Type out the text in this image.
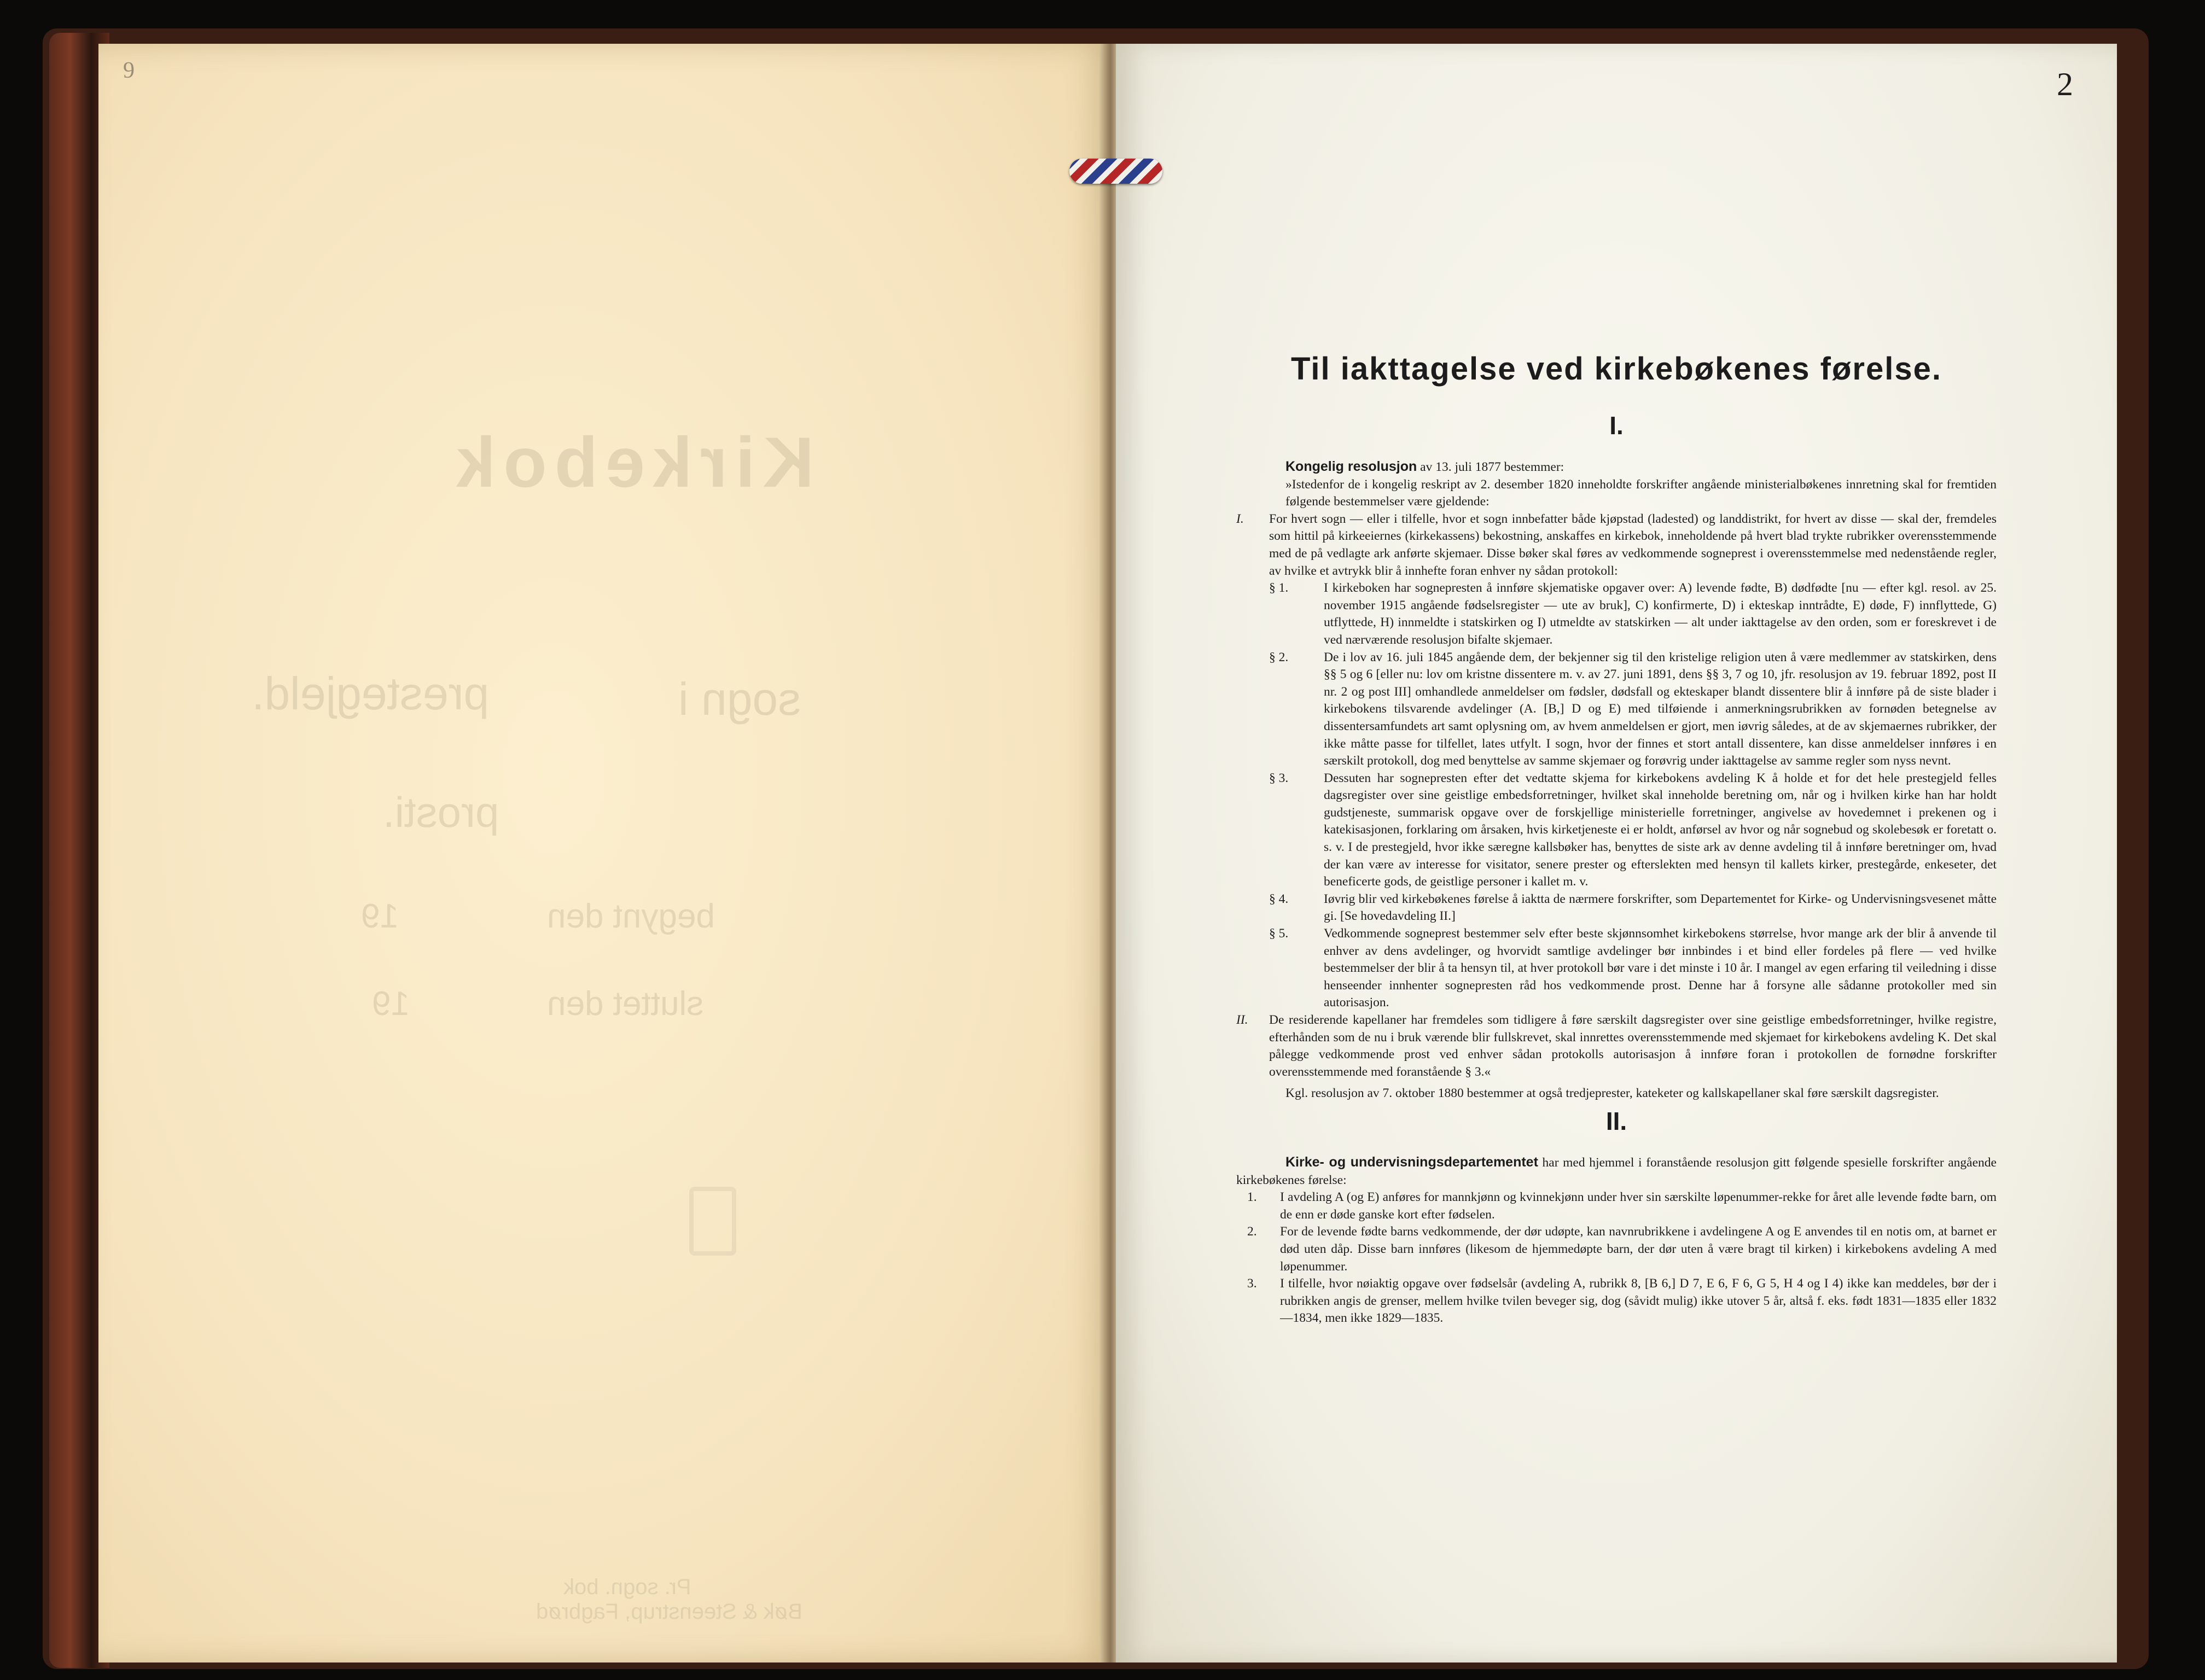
9
Kirkebok
sogn i
prestegjeld.
prosti.
begynt den
19
sluttet den
19
Pr. sogn. bok
Bøk & Steenstrup, Fagbrød
2
Til iakttagelse ved kirkebøkenes førelse.
I.

Kongelig resolusjon av 13. juli 1877 bestemmer:

»Istedenfor de i kongelig reskript av 2. desember 1820 inneholdte forskrifter angående ministerialbøkenes innretning skal for fremtiden følgende bestemmelser være gjeldende:

I. For hvert sogn — eller i tilfelle, hvor et sogn innbefatter både kjøpstad (ladested) og landdistrikt, for hvert av disse — skal der, fremdeles som hittil på kirkeeiernes (kirkekassens) bekostning, anskaffes en kirkebok, inneholdende på hvert blad trykte rubrikker overensstemmende med de på vedlagte ark anførte skjemaer. Disse bøker skal føres av vedkommende sogneprest i overensstemmelse med nedenstående regler, av hvilke et avtrykk blir å innhefte foran enhver ny sådan protokoll:

§ 1.	I kirkeboken har sognepresten å innføre skjematiske opgaver over: A) levende fødte, B) dødfødte [nu — efter kgl. resol. av 25. november 1915 angående fødselsregister — ute av bruk], C) konfirmerte, D) i ekteskap inntrådte, E) døde, F) innflyttede, G) utflyttede, H) innmeldte i statskirken og I) utmeldte av statskirken — alt under iakttagelse av den orden, som er foreskrevet i de ved nærværende resolusjon bifalte skjemaer.

§ 2.	De i lov av 16. juli 1845 angående dem, der bekjenner sig til den kristelige religion uten å være medlemmer av statskirken, dens §§ 5 og 6 [eller nu: lov om kristne dissentere m. v. av 27. juni 1891, dens §§ 3, 7 og 10, jfr. resolusjon av 19. februar 1892, post II nr. 2 og post III] omhandlede anmeldelser om fødsler, dødsfall og ekteskaper blandt dissentere blir å innføre på de siste blader i kirkebokens tilsvarende avdelinger (A. [B,] D og E) med tilføiende i anmerkningsrubrikken av fornøden betegnelse av dissentersamfundets art samt oplysning om, av hvem anmeldelsen er gjort, men iøvrig således, at de av skjemaernes rubrikker, der ikke måtte passe for tilfellet, lates utfylt. I sogn, hvor der finnes et stort antall dissentere, kan disse anmeldelser innføres i en særskilt protokoll, dog med benyttelse av samme skjemaer og forøvrig under iakttagelse av samme regler som nyss nevnt.

§ 3.	Dessuten har sognepresten efter det vedtatte skjema for kirkebokens avdeling K å holde et for det hele prestegjeld felles dagsregister over sine geistlige embedsforretninger, hvilket skal inneholde beretning om, når og i hvilken kirke han har holdt gudstjeneste, summarisk opgave over de forskjellige ministerielle forretninger, angivelse av hovedemnet i prekenen og i katekisasjonen, forklaring om årsaken, hvis kirketjeneste ei er holdt, anførsel av hvor og når sognebud og skolebesøk er foretatt o. s. v. I de prestegjeld, hvor ikke særegne kallsbøker has, benyttes de siste ark av denne avdeling til å innføre beretninger om, hvad der kan være av interesse for visitator, senere prester og efterslekten med hensyn til kallets kirker, prestegårde, enkeseter, det beneficerte gods, de geistlige personer i kallet m. v.

§ 4.	Iøvrig blir ved kirkebøkenes førelse å iaktta de nærmere forskrifter, som Departementet for Kirke- og Undervisningsvesenet måtte gi. [Se hovedavdeling II.]

§ 5.	Vedkommende sogneprest bestemmer selv efter beste skjønnsomhet kirkebokens størrelse, hvor mange ark der blir å anvende til enhver av dens avdelinger, og hvorvidt samtlige avdelinger bør innbindes i et bind eller fordeles på flere — ved hvilke bestemmelser der blir å ta hensyn til, at hver protokoll bør vare i det minste i 10 år. I mangel av egen erfaring til veiledning i disse henseender innhenter sognepresten råd hos vedkommende prost. Denne har å forsyne alle sådanne protokoller med sin autorisasjon.

II. De residerende kapellaner har fremdeles som tidligere å føre særskilt dagsregister over sine geistlige embedsforretninger, hvilke registre, efterhånden som de nu i bruk værende blir fullskrevet, skal innrettes overensstemmende med skjemaet for kirkebokens avdeling K. Det skal pålegge vedkommende prost ved enhver sådan protokolls autorisasjon å innføre foran i protokollen de fornødne forskrifter overensstemmende med foranstående § 3.«

Kgl. resolusjon av 7. oktober 1880 bestemmer at også tredjeprester, kateketer og kallskapellaner skal føre særskilt dagsregister.

II.

Kirke- og undervisningsdepartementet har med hjemmel i foranstående resolusjon gitt følgende spesielle forskrifter angående kirkebøkenes førelse:

1. I avdeling A (og E) anføres for mannkjønn og kvinnekjønn under hver sin særskilte løpenummer-rekke for året alle levende fødte barn, om de enn er døde ganske kort efter fødselen.

2. For de levende fødte barns vedkommende, der dør udøpte, kan navnrubrikkene i avdelingene A og E anvendes til en notis om, at barnet er død uten dåp. Disse barn innføres (likesom de hjemmedøpte barn, der dør uten å være bragt til kirken) i kirkebokens avdeling A med løpenummer.

3. I tilfelle, hvor nøiaktig opgave over fødselsår (avdeling A, rubrikk 8, [B 6,] D 7, E 6, F 6, G 5, H 4 og I 4) ikke kan meddeles, bør der i rubrikken angis de grenser, mellem hvilke tvilen beveger sig, dog (såvidt mulig) ikke utover 5 år, altså f. eks. født 1831—1835 eller 1832—1834, men ikke 1829—1835.
